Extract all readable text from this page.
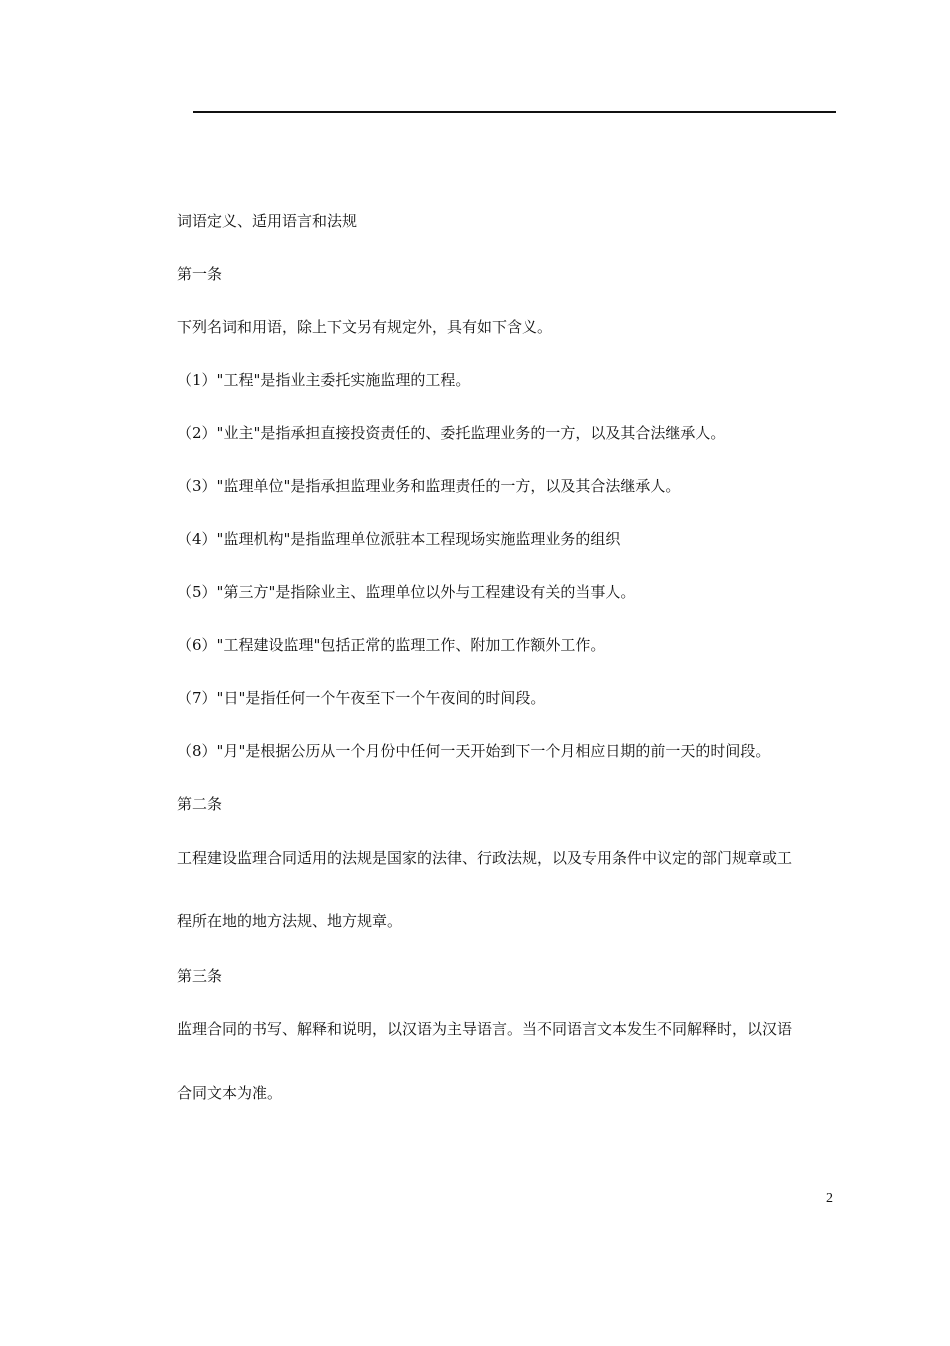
词语定义、适用语言和法规
第一条
下列名词和用语，除上下文另有规定外，具有如下含义。
（1）"工程"是指业主委托实施监理的工程。
（2）"业主"是指承担直接投资责任的、委托监理业务的一方，以及其合法继承人。
（3）"监理单位"是指承担监理业务和监理责任的一方，以及其合法继承人。
（4）"监理机构"是指监理单位派驻本工程现场实施监理业务的组织
（5）"第三方"是指除业主、监理单位以外与工程建设有关的当事人。
（6）"工程建设监理"包括正常的监理工作、附加工作额外工作。
（7）"日"是指任何一个午夜至下一个午夜间的时间段。
（8）"月"是根据公历从一个月份中任何一天开始到下一个月相应日期的前一天的时间段。
第二条
工程建设监理合同适用的法规是国家的法律、行政法规，以及专用条件中议定的部门规章或工
程所在地的地方法规、地方规章。
第三条
监理合同的书写、解释和说明，以汉语为主导语言。当不同语言文本发生不同解释时，以汉语
合同文本为准。
2
